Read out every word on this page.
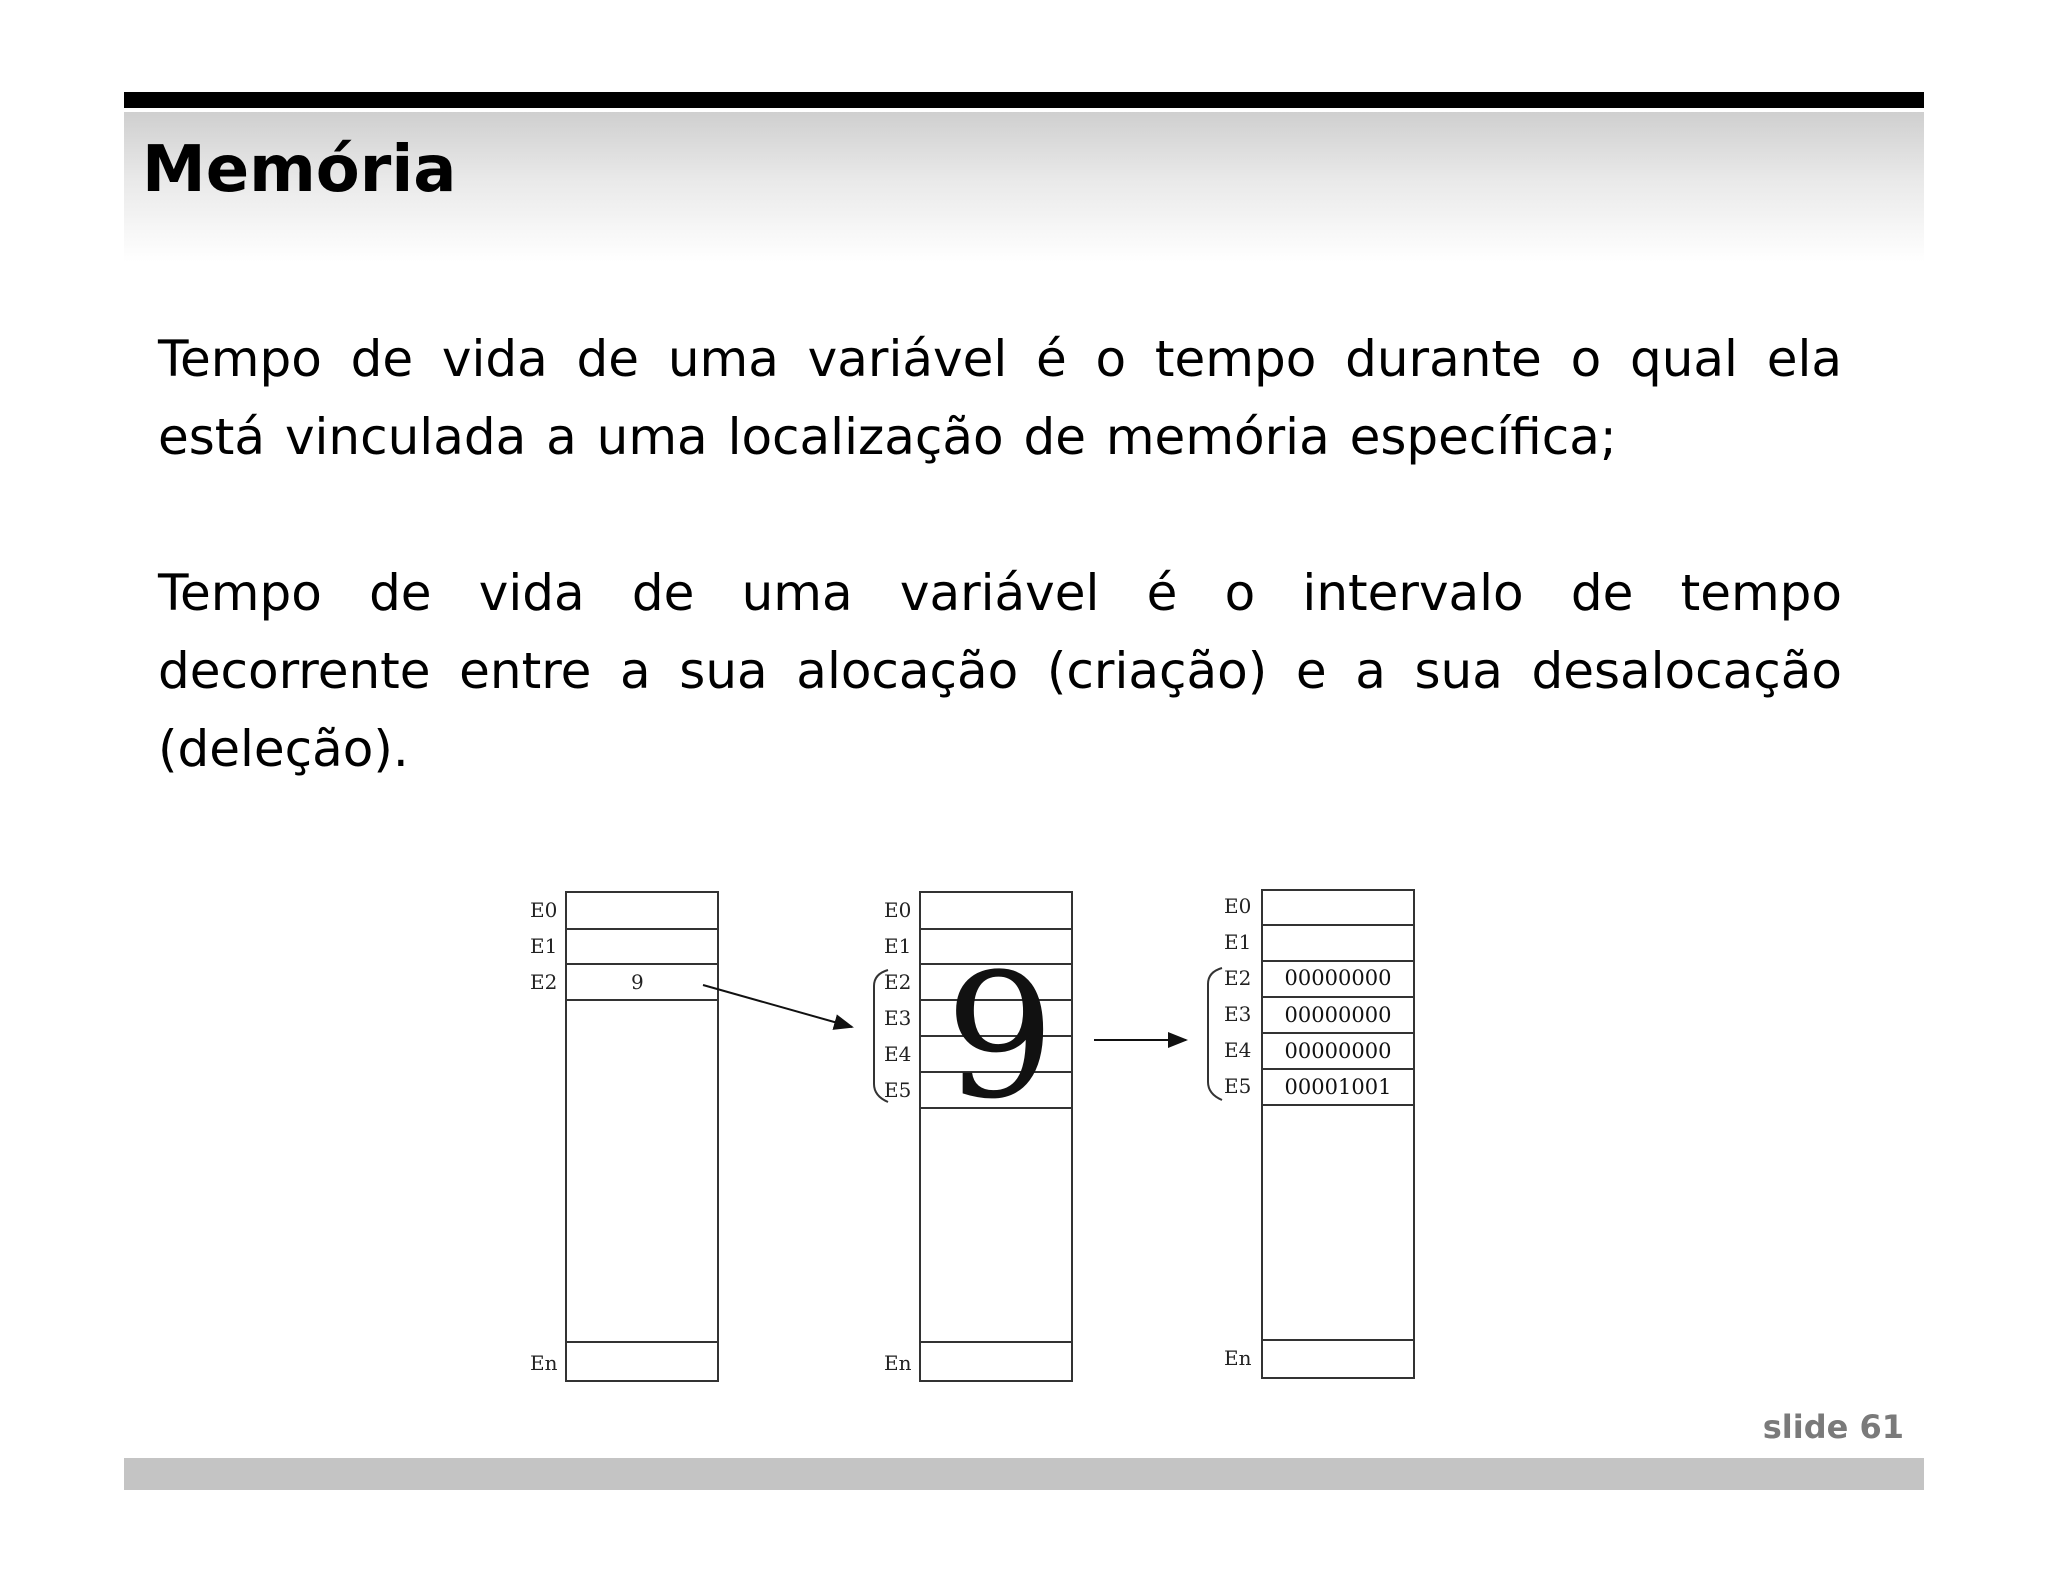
Memória

Tempo de vida de uma variável é o tempo durante o qual ela está vinculada a uma localização de memória específica;

Tempo de vida de uma variável é o intervalo de tempo decorrente entre a sua alocação (criação) e a sua desalocação (deleção).

E0
E1
E2
En
9 9
E0
E1
E2
E3
E4
E5
En
E0
E1
E2
E3
E4
E5
En
00000000
00000000
00000000
00001001

slide 61
